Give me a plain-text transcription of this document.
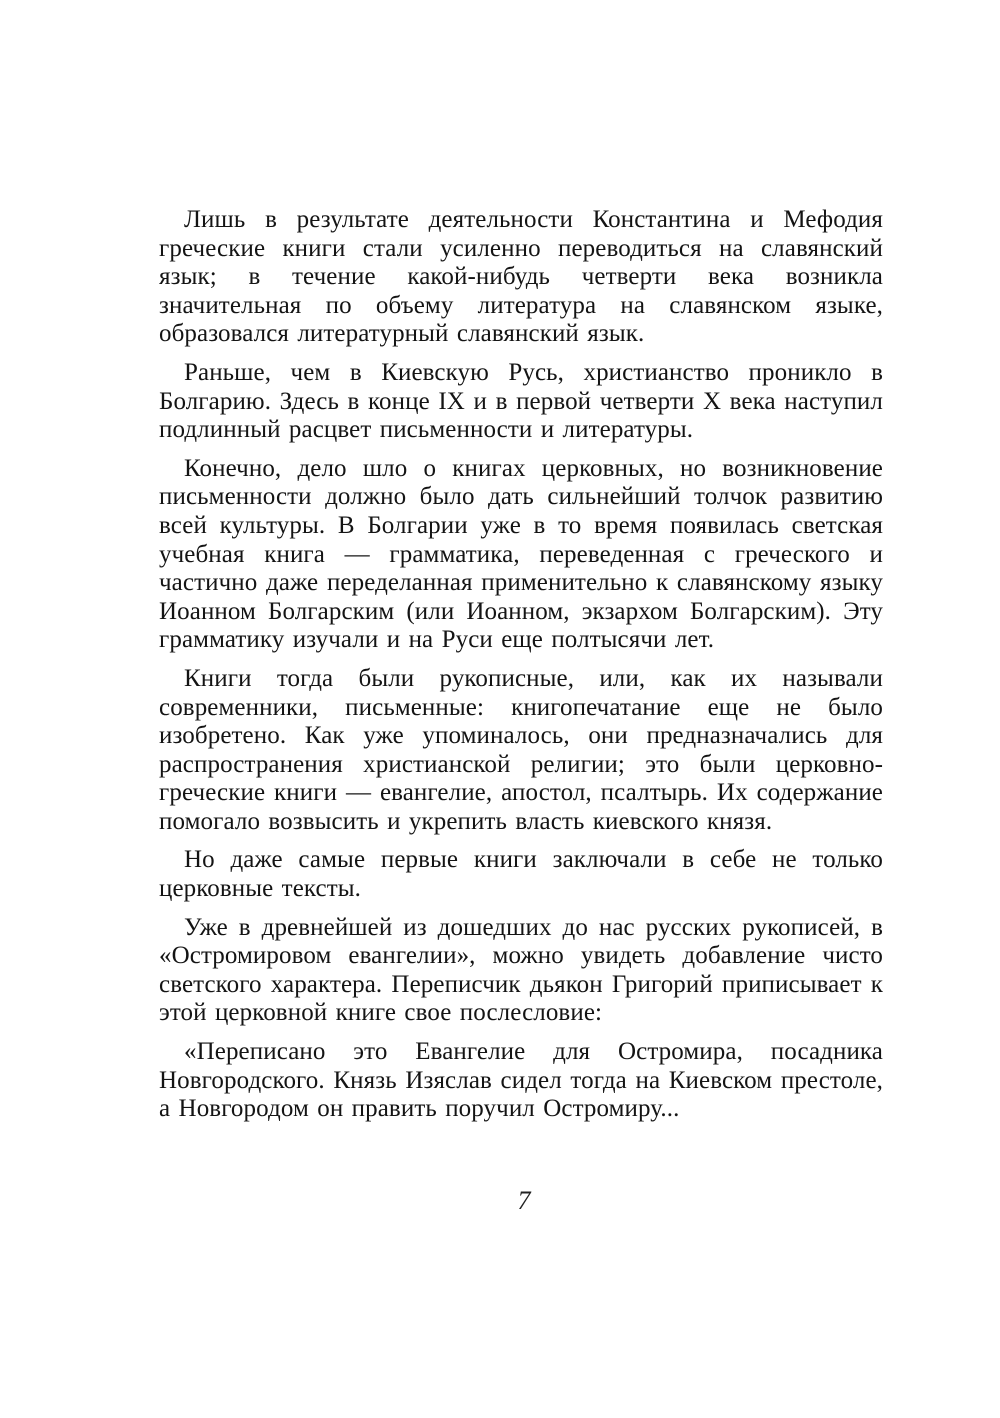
Лишь в результате деятельности Константина и Мефодия греческие книги стали усиленно переводиться на славянский язык; в течение какой-нибудь четверти века возникла значительная по объему литература на славянском языке, образовался литературный славянский язык.

Раньше, чем в Киевскую Русь, христианство проникло в Болгарию. Здесь в конце IX и в первой четверти X века наступил подлинный расцвет письменности и литературы.

Конечно, дело шло о книгах церковных, но возникновение письменности должно было дать сильнейший толчок развитию всей культуры. В Болгарии уже в то время появилась светская учебная книга — грамматика, переведенная с греческого и частично даже переделанная применительно к славянскому языку Иоанном Болгарским (или Иоанном, экзархом Болгарским). Эту грамматику изучали и на Руси еще полтысячи лет.

Книги тогда были рукописные, или, как их называли современники, письменные: книгопечатание еще не было изобретено. Как уже упоминалось, они предназначались для распространения христианской религии; это были церковно-греческие книги — евангелие, апостол, псалтырь. Их содержание помогало возвысить и укрепить власть киевского князя.

Но даже самые первые книги заключали в себе не только церковные тексты.

Уже в древнейшей из дошедших до нас русских рукописей, в «Остромировом евангелии», можно увидеть добавление чисто светского характера. Переписчик дьякон Григорий приписывает к этой церковной книге свое послесловие:

«Переписано это Евангелие для Остромира, посадника Новгородского. Князь Изяслав сидел тогда на Киевском престоле, а Новгородом он править поручил Остромиру...

7
